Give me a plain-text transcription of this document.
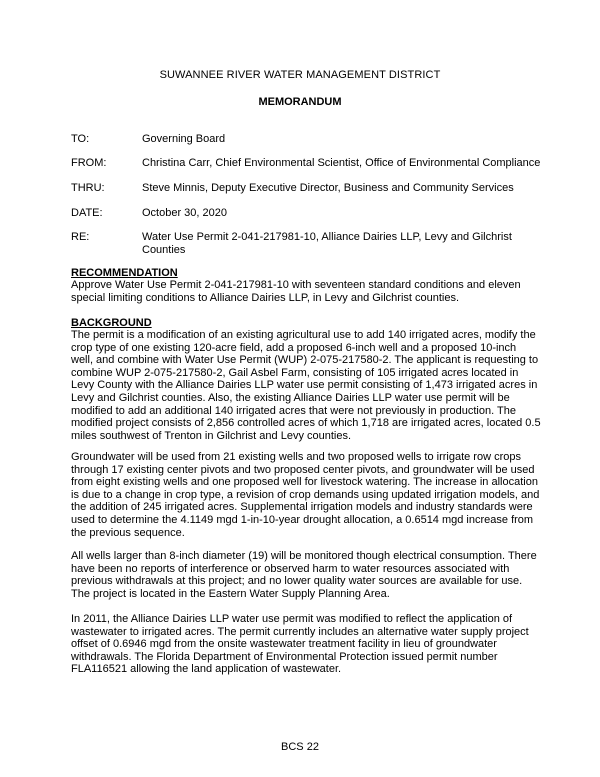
SUWANNEE RIVER WATER MANAGEMENT DISTRICT
MEMORANDUM
TO:	Governing Board
FROM:	Christina Carr, Chief Environmental Scientist, Office of Environmental Compliance
THRU:	Steve Minnis, Deputy Executive Director, Business and Community Services
DATE:	October 30, 2020
RE:	Water Use Permit 2-041-217981-10, Alliance Dairies LLP, Levy and Gilchrist Counties
RECOMMENDATION
Approve Water Use Permit 2-041-217981-10 with seventeen standard conditions and eleven special limiting conditions to Alliance Dairies LLP, in Levy and Gilchrist counties.
BACKGROUND
The permit is a modification of an existing agricultural use to add 140 irrigated acres, modify the crop type of one existing 120-acre field, add a proposed 6-inch well and a proposed 10-inch well, and combine with Water Use Permit (WUP) 2-075-217580-2. The applicant is requesting to combine WUP 2-075-217580-2, Gail Asbel Farm, consisting of 105 irrigated acres located in Levy County with the Alliance Dairies LLP water use permit consisting of 1,473 irrigated acres in Levy and Gilchrist counties. Also, the existing Alliance Dairies LLP water use permit will be modified to add an additional 140 irrigated acres that were not previously in production. The modified project consists of 2,856 controlled acres of which 1,718 are irrigated acres, located 0.5 miles southwest of Trenton in Gilchrist and Levy counties.
Groundwater will be used from 21 existing wells and two proposed wells to irrigate row crops through 17 existing center pivots and two proposed center pivots, and groundwater will be used from eight existing wells and one proposed well for livestock watering. The increase in allocation is due to a change in crop type, a revision of crop demands using updated irrigation models, and the addition of 245 irrigated acres. Supplemental irrigation models and industry standards were used to determine the 4.1149 mgd 1-in-10-year drought allocation, a 0.6514 mgd increase from the previous sequence.
All wells larger than 8-inch diameter (19) will be monitored though electrical consumption. There have been no reports of interference or observed harm to water resources associated with previous withdrawals at this project; and no lower quality water sources are available for use. The project is located in the Eastern Water Supply Planning Area.
In 2011, the Alliance Dairies LLP water use permit was modified to reflect the application of wastewater to irrigated acres. The permit currently includes an alternative water supply project offset of 0.6946 mgd from the onsite wastewater treatment facility in lieu of groundwater withdrawals. The Florida Department of Environmental Protection issued permit number FLA116521 allowing the land application of wastewater.
BCS 22
